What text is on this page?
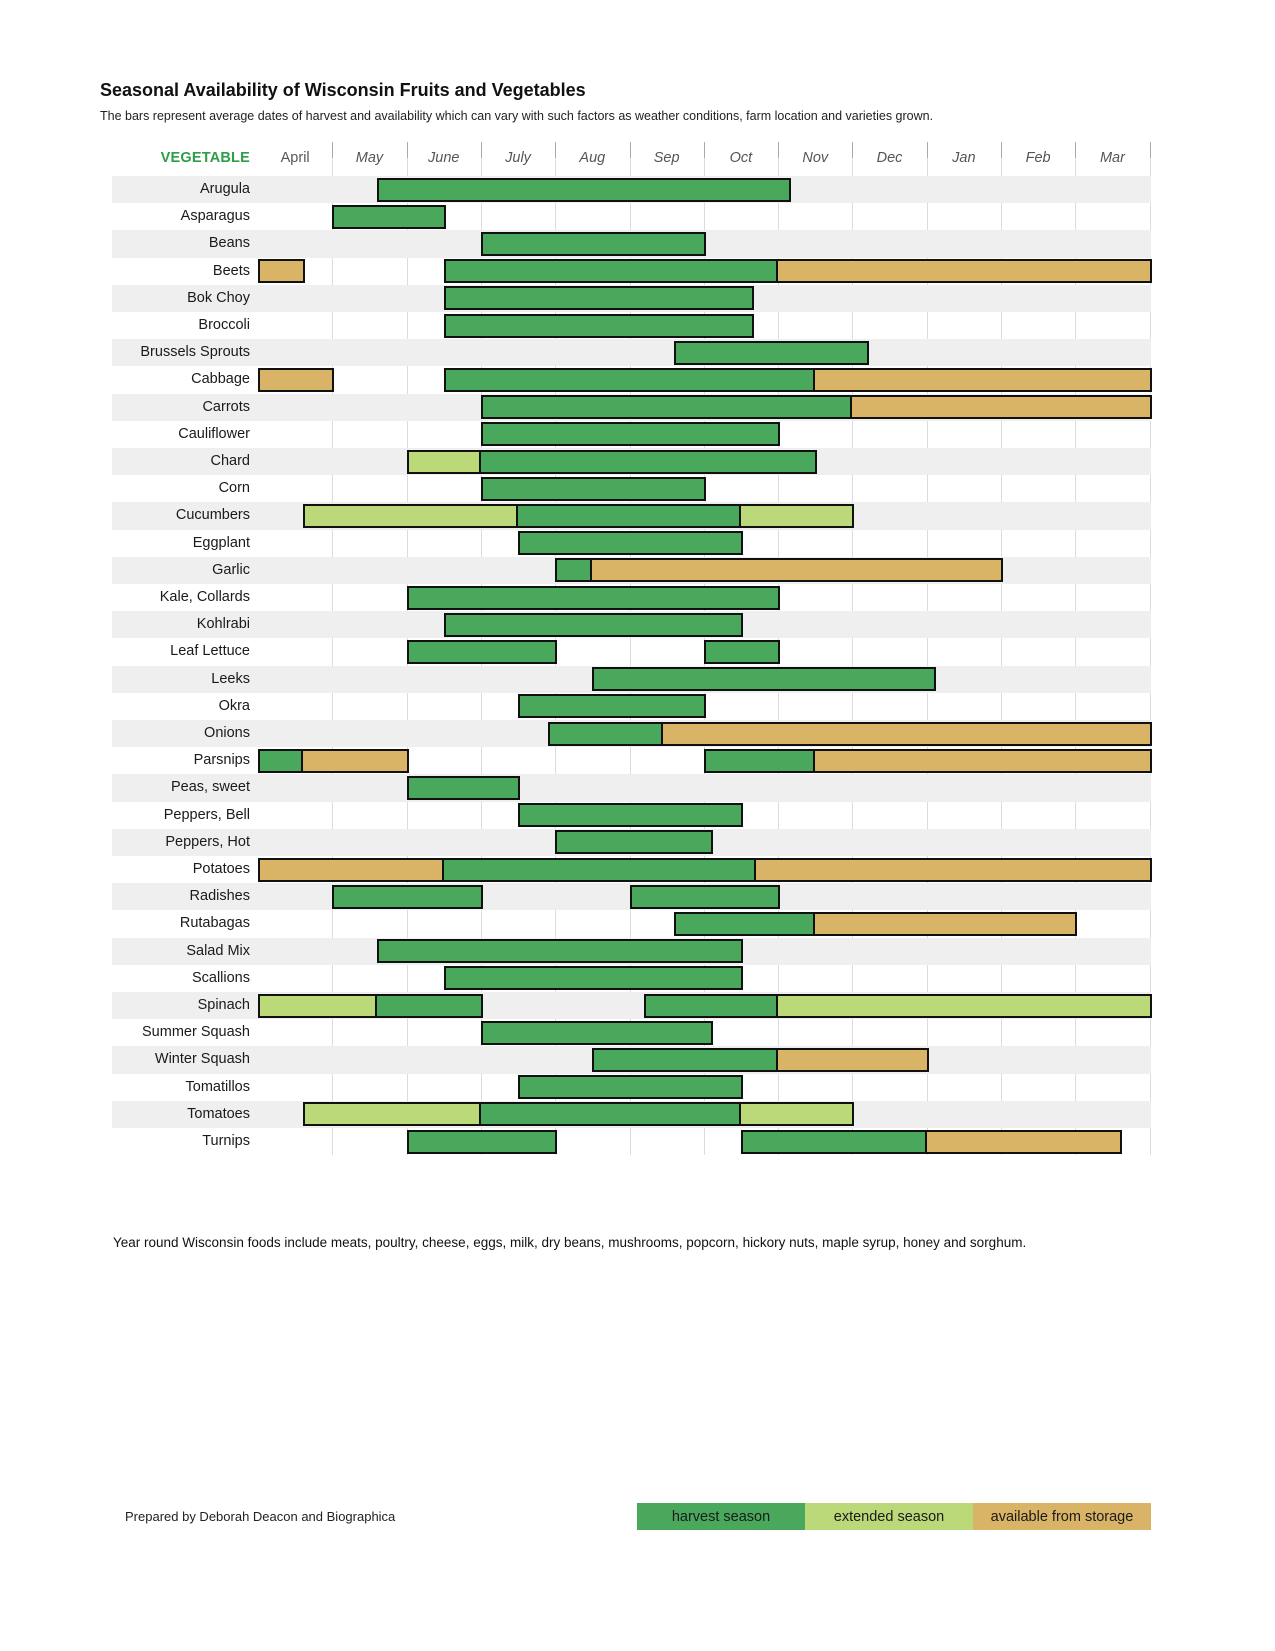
Seasonal Availability of Wisconsin Fruits and Vegetables

The bars represent average dates of harvest and availability which can vary with such factors as weather conditions, farm location and varieties grown.

VEGETABLE	April	May	June	July	Aug	Sep	Oct	Nov	Dec	Jan	Feb	Mar
Arugula
Asparagus
Beans
Beets
Bok Choy
Broccoli
Brussels Sprouts
Cabbage
Carrots
Cauliflower
Chard
Corn
Cucumbers
Eggplant
Garlic
Kale, Collards
Kohlrabi
Leaf Lettuce
Leeks
Okra
Onions
Parsnips
Peas, sweet
Peppers, Bell
Peppers, Hot
Potatoes
Radishes
Rutabagas
Salad Mix
Scallions
Spinach
Summer Squash
Winter Squash
Tomatillos
Tomatoes
Turnips

Year round Wisconsin foods include meats, poultry, cheese, eggs, milk, dry beans, mushrooms, popcorn, hickory nuts, maple syrup, honey and sorghum.

Prepared by Deborah Deacon and Biographica	harvest season	extended season	available from storage
